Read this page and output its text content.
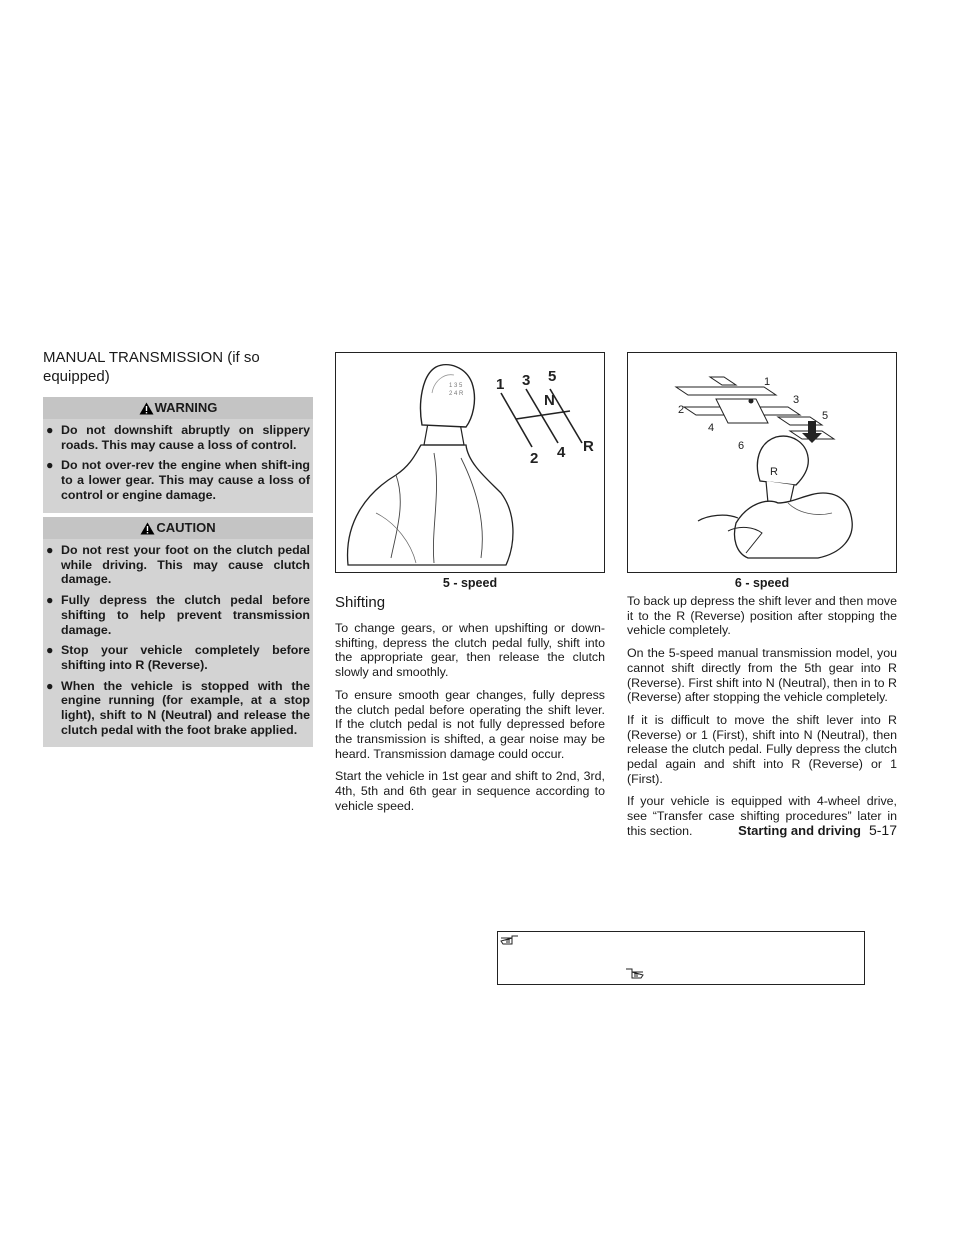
MANUAL TRANSMISSION (if so equipped)
WARNING
● Do not downshift abruptly on slippery roads. This may cause a loss of control.
● Do not over-rev the engine when shift-ing to a lower gear. This may cause a loss of control or engine damage.
CAUTION
● Do not rest your foot on the clutch pedal while driving. This may cause clutch damage.
● Fully depress the clutch pedal before shifting to help prevent transmission damage.
● Stop your vehicle completely before shifting into R (Reverse).
● When the vehicle is stopped with the engine running (for example, at a stop light), shift to N (Neutral) and release the clutch pedal with the foot brake applied.
1 3 5
2 4 R
1 3 5
N
2 4 R
5 - speed
1
2
3
4
5
6
R
6 - speed
Shifting

To change gears, or when upshifting or down-shifting, depress the clutch pedal fully, shift into the appropriate gear, then release the clutch slowly and smoothly.

To ensure smooth gear changes, fully depress the clutch pedal before operating the shift lever. If the clutch pedal is not fully depressed before the transmission is shifted, a gear noise may be heard. Transmission damage could occur.

Start the vehicle in 1st gear and shift to 2nd, 3rd, 4th, 5th and 6th gear in sequence according to vehicle speed.

To back up depress the shift lever and then move it to the R (Reverse) position after stopping the vehicle completely.

On the 5-speed manual transmission model, you cannot shift directly from the 5th gear into R (Reverse). First shift into N (Neutral), then in to R (Reverse) after stopping the vehicle completely.

If it is difficult to move the shift lever into R (Reverse) or 1 (First), shift into N (Neutral), then release the clutch pedal. Fully depress the clutch pedal again and shift into R (Reverse) or 1 (First).

If your vehicle is equipped with 4-wheel drive, see “Transfer case shifting procedures” later in this section.	Starting and driving 5-17
